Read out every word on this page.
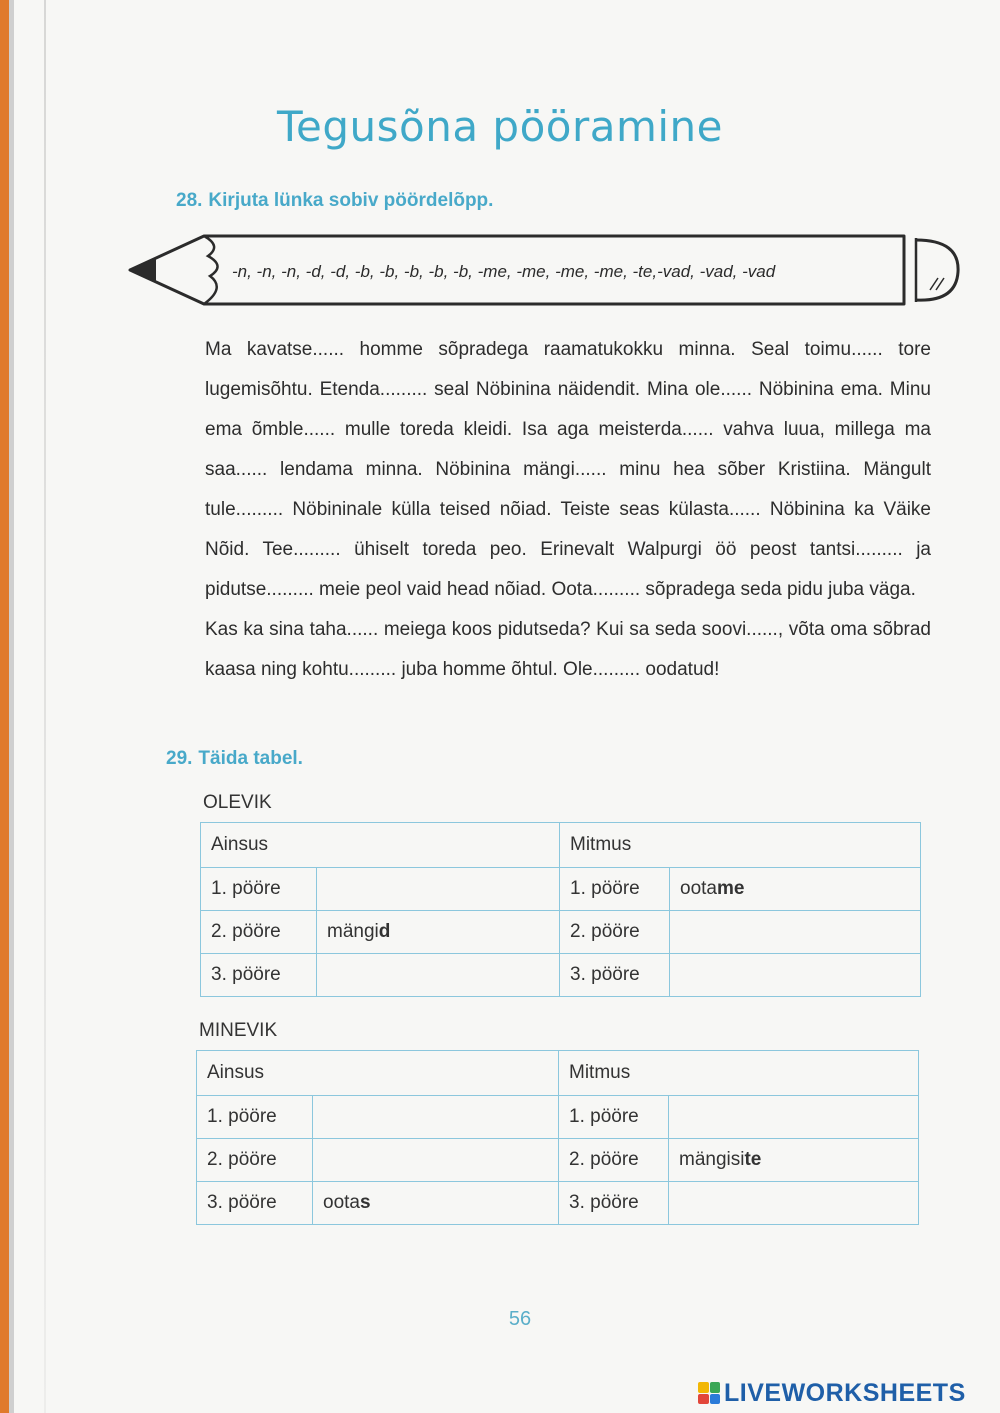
Tegusõna pööramine
28. Kirjuta lünka sobiv pöördelõpp.
-n, -n, -n, -d, -d, -b, -b, -b, -b, -b, -me, -me, -me, -me, -te,-vad, -vad, -vad

Ma kavatse...... homme sõpradega raamatukokku minna. Seal toimu...... tore lugemisõhtu. Etenda......... seal Nöbinina näidendit. Mina ole...... Nöbinina ema. Minu ema õmble...... mulle toreda kleidi. Isa aga meisterda...... vahva luua, millega ma saa...... lendama minna. Nöbinina mängi...... minu hea sõber Kristiina. Mängult tule......... Nöbininale külla teised nõiad. Teiste seas külasta...... Nöbinina ka Väike Nõid. Tee......... ühiselt toreda peo. Erinevalt Walpurgi öö peost tantsi......... ja pidutse......... meie peol vaid head nõiad. Oota......... sõpradega seda pidu juba väga.

Kas ka sina taha...... meiega koos pidutseda? Kui sa seda soovi......, võta oma sõbrad kaasa ning kohtu......... juba homme õhtul. Ole......... oodatud!

29. Täida tabel.
OLEVIK
Ainsus		Mitmus	
1. pööre		1. pööre	ootame
2. pööre	mängid	2. pööre	
3. pööre		3. pööre	
MINEVIK
Ainsus		Mitmus	
1. pööre		1. pööre	
2. pööre		2. pööre	mängisite
3. pööre	ootas	3. pööre	
56
LIVEWORKSHEETS
